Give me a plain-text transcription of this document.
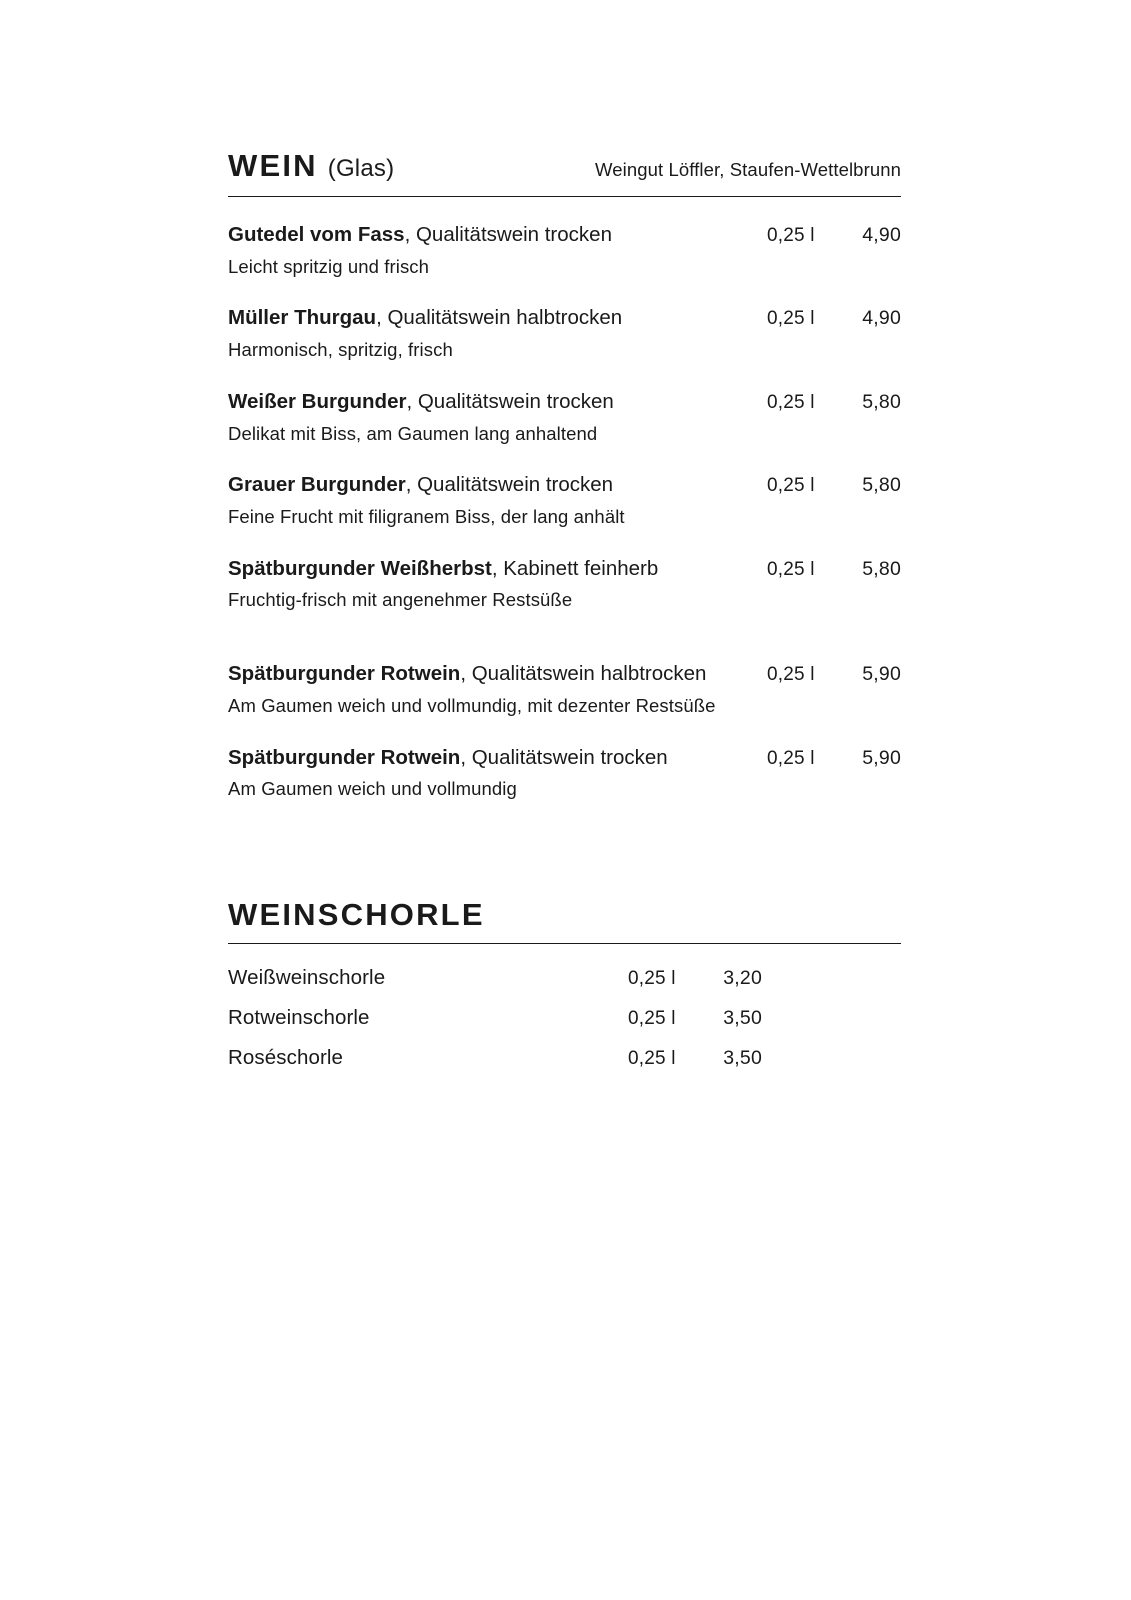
WEIN (Glas)	Weingut Löffler, Staufen-Wettelbrunn
Gutedel vom Fass, Qualitätswein trocken	0,25 l	4,90
Leicht spritzig und frisch
Müller Thurgau, Qualitätswein halbtrocken	0,25 l	4,90
Harmonisch, spritzig, frisch
Weißer Burgunder, Qualitätswein trocken	0,25 l	5,80
Delikat mit Biss, am Gaumen lang anhaltend
Grauer Burgunder, Qualitätswein trocken	0,25 l	5,80
Feine Frucht mit filigranem Biss, der lang anhält
Spätburgunder Weißherbst, Kabinett feinherb	0,25 l	5,80
Fruchtig-frisch mit angenehmer Restsüße
Spätburgunder Rotwein, Qualitätswein halbtrocken	0,25 l	5,90
Am Gaumen weich und vollmundig, mit dezenter Restsüße
Spätburgunder Rotwein, Qualitätswein trocken	0,25 l	5,90
Am Gaumen weich und vollmundig
WEINSCHORLE
Weißweinschorle	0,25 l	3,20
Rotweinschorle	0,25 l	3,50
Roséschorle	0,25 l	3,50
